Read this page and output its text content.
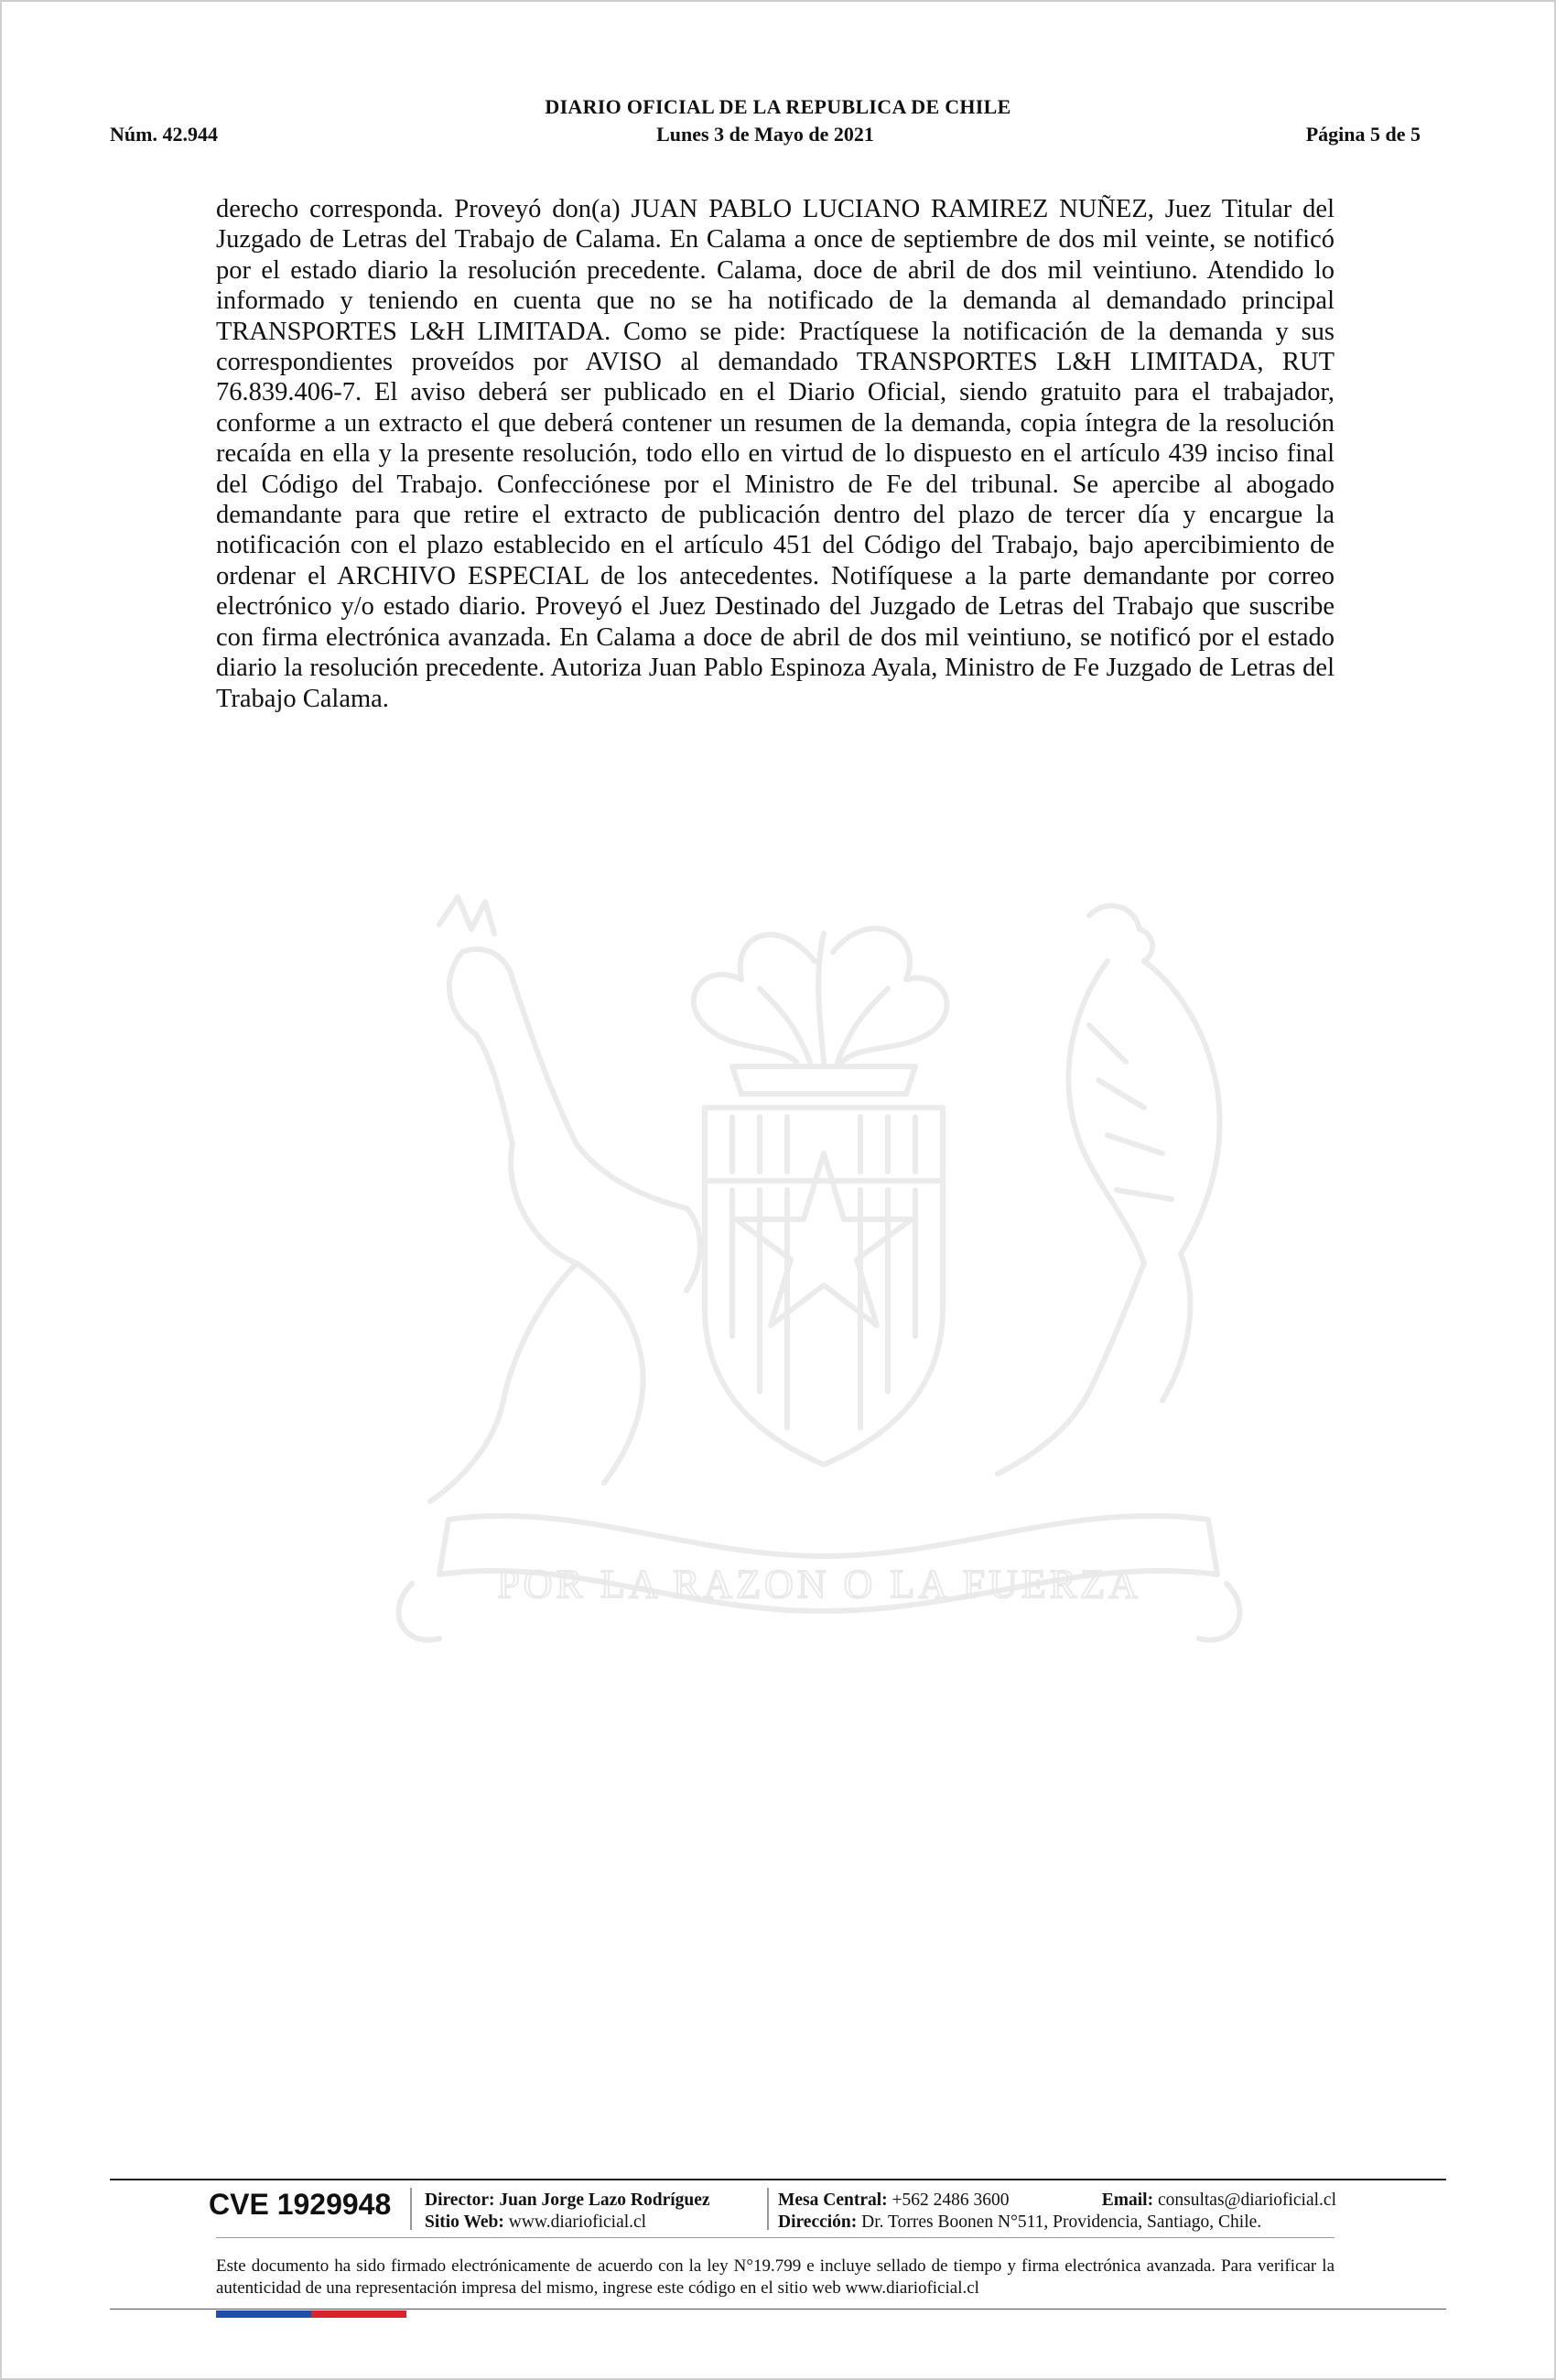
DIARIO OFICIAL DE LA REPUBLICA DE CHILE
Lunes 3 de Mayo de 2021
Núm. 42.944	Página 5 de 5
POR LA RAZON O LA FUERZA
derecho corresponda. Proveyó don(a) JUAN PABLO LUCIANO RAMIREZ NUÑEZ, Juez Titular del Juzgado de Letras del Trabajo de Calama. En Calama a once de septiembre de dos mil veinte, se notificó por el estado diario la resolución precedente. Calama, doce de abril de dos mil veintiuno. Atendido lo informado y teniendo en cuenta que no se ha notificado de la demanda al demandado principal TRANSPORTES L&H LIMITADA. Como se pide: Practíquese la notificación de la demanda y sus correspondientes proveídos por AVISO al demandado TRANSPORTES L&H LIMITADA, RUT 76.839.406-7. El aviso deberá ser publicado en el Diario Oficial, siendo gratuito para el trabajador, conforme a un extracto el que deberá contener un resumen de la demanda, copia íntegra de la resolución recaída en ella y la presente resolución, todo ello en virtud de lo dispuesto en el artículo 439 inciso final del Código del Trabajo. Confecciónese por el Ministro de Fe del tribunal. Se apercibe al abogado demandante para que retire el extracto de publicación dentro del plazo de tercer día y encargue la notificación con el plazo establecido en el artículo 451 del Código del Trabajo, bajo apercibimiento de ordenar el ARCHIVO ESPECIAL de los antecedentes. Notifíquese a la parte demandante por correo electrónico y/o estado diario. Proveyó el Juez Destinado del Juzgado de Letras del Trabajo que suscribe con firma electrónica avanzada. En Calama a doce de abril de dos mil veintiuno, se notificó por el estado diario la resolución precedente. Autoriza Juan Pablo Espinoza Ayala, Ministro de Fe Juzgado de Letras del Trabajo Calama.
CVE 1929948 Director: Juan Jorge Lazo Rodríguez
Sitio Web: www.diarioficial.cl
Mesa Central: +562 2486 3600	Email: consultas@diarioficial.cl
Dirección: Dr. Torres Boonen N°511, Providencia, Santiago, Chile.
Este documento ha sido firmado electrónicamente de acuerdo con la ley N°19.799 e incluye sellado de tiempo y firma electrónica avanzada. Para verificar la autenticidad de una representación impresa del mismo, ingrese este código en el sitio web www.diarioficial.cl
